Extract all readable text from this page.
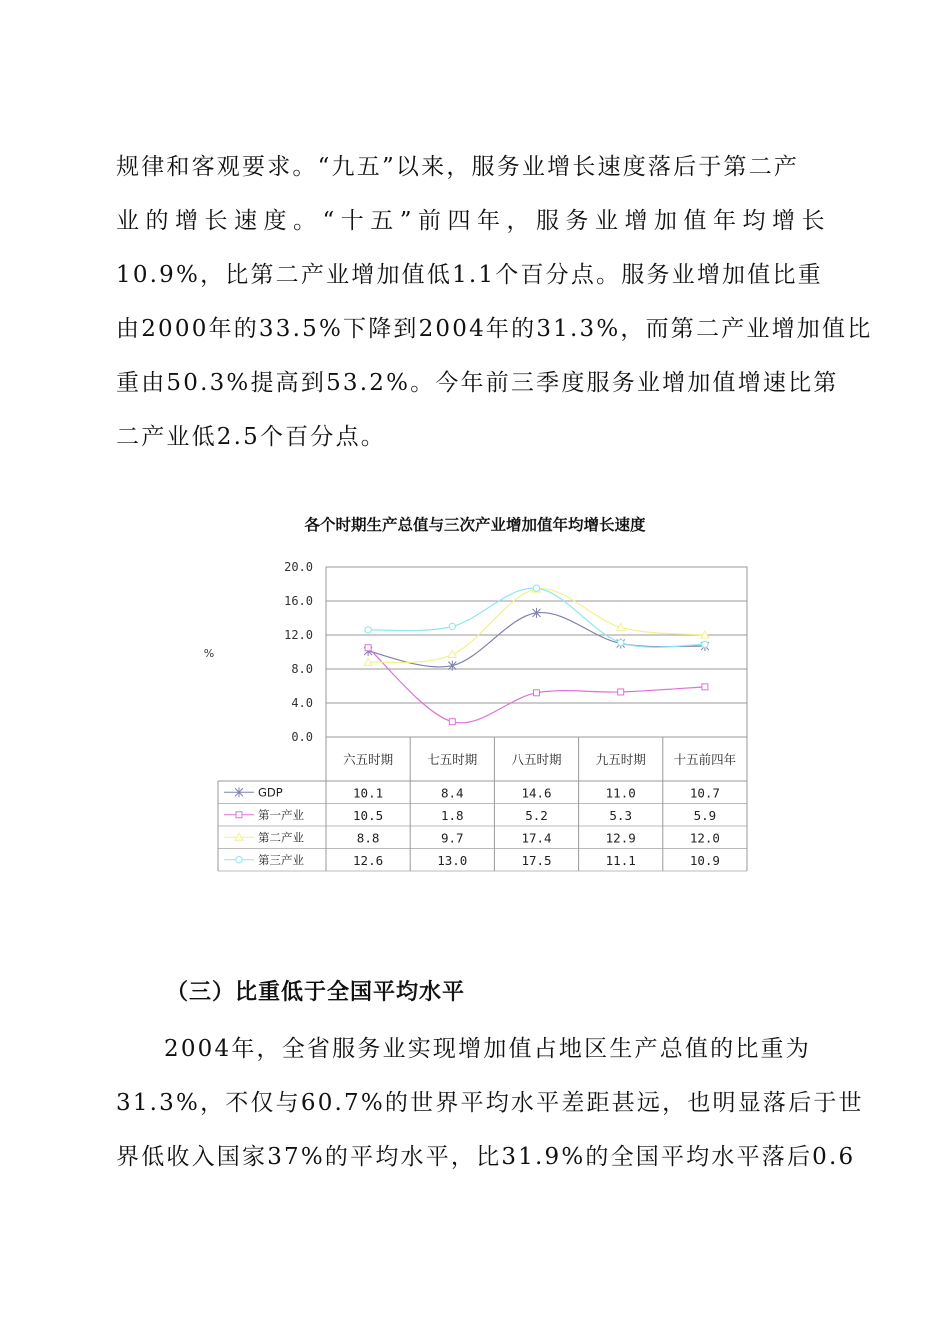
规律和客观要求。“九五”以来，服务业增长速度落后于第二产
业的增长速度。“十五”前四年，服务业增加值年均增长
10.9%，比第二产业增加值低1.1个百分点。服务业增加值比重
由2000年的33.5%下降到2004年的31.3%，而第二产业增加值比
重由50.3%提高到53.2%。今年前三季度服务业增加值增速比第
二产业低2.5个百分点。
各个时期生产总值与三次产业增加值年均增长速度
20.0
16.0
12.0
8.0
4.0
0.0
%
六五时期	七五时期	八五时期	九五时期 十五前四年
GDP	10.1	8.4	14.6	11.0	10.7
第一产业	10.5	1.8	5.2	5.3	5.9
第二产业	8.8	9.7	17.4	12.9	12.0
第三产业	12.6	13.0	17.5	11.1	10.9
（三）比重低于全国平均水平
2004年，全省服务业实现增加值占地区生产总值的比重为
31.3%，不仅与60.7%的世界平均水平差距甚远，也明显落后于世
界低收入国家37%的平均水平，比31.9%的全国平均水平落后0.6
